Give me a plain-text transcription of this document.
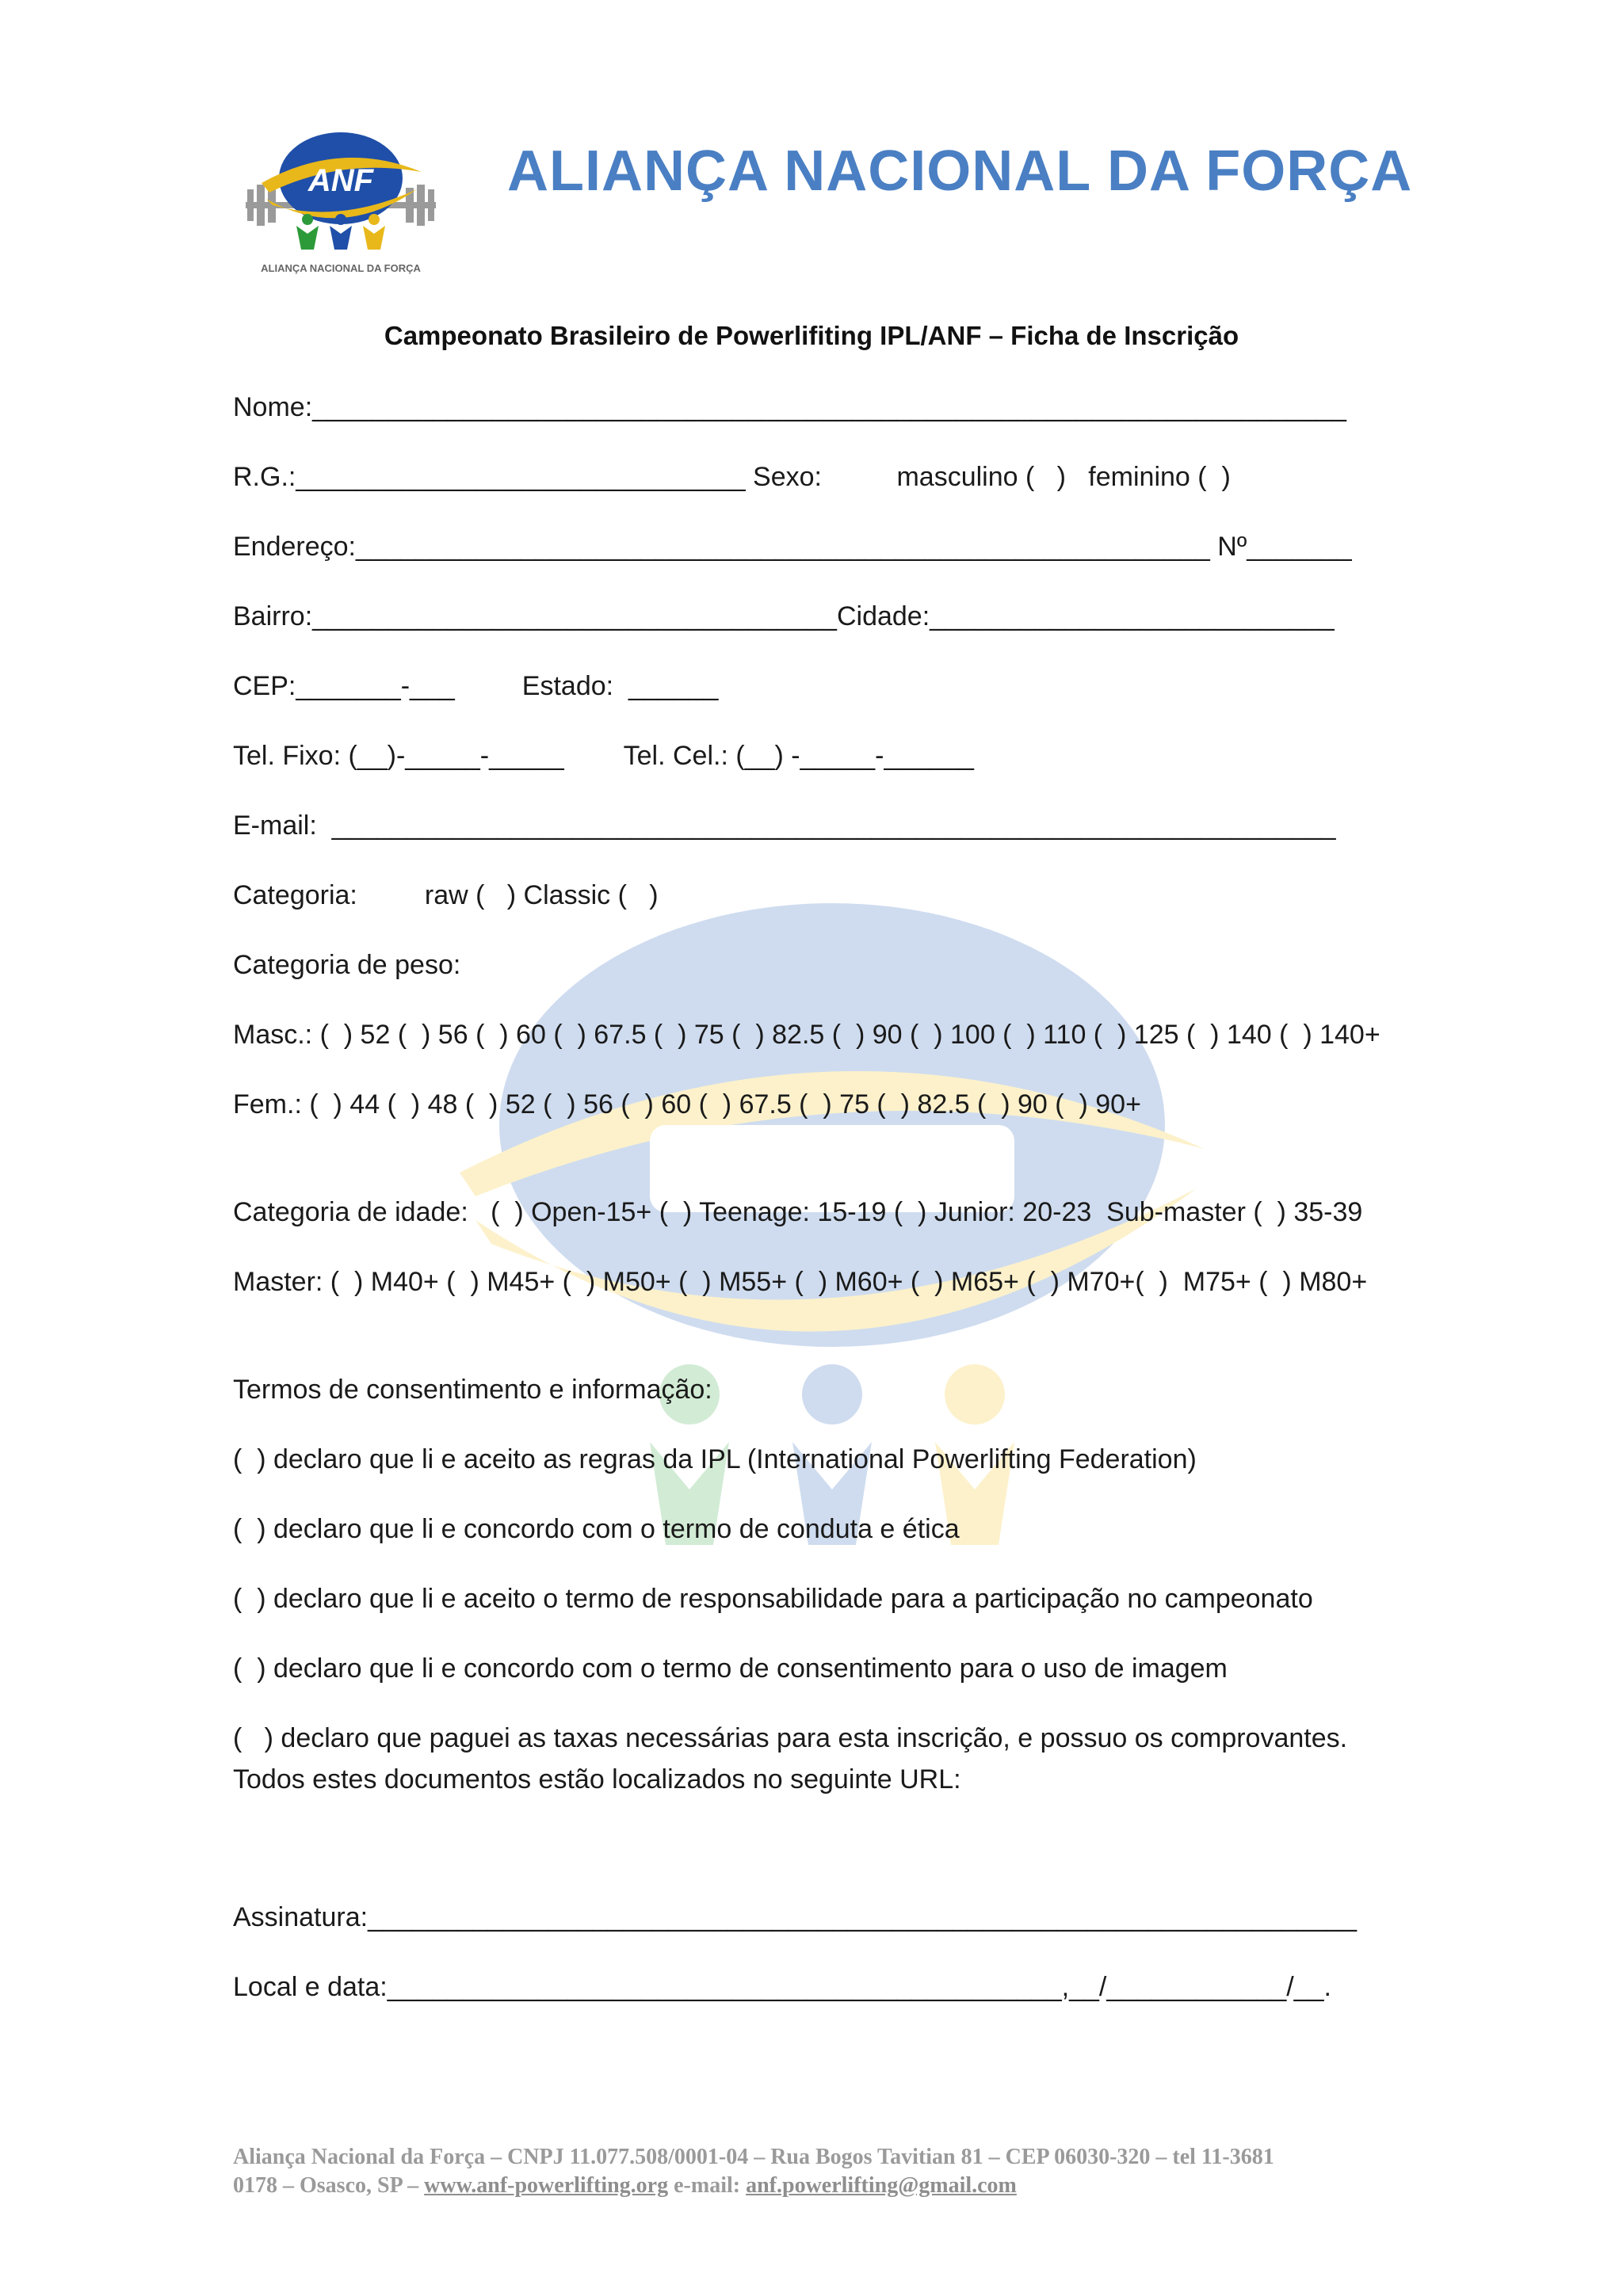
ANF
ALIANÇA NACIONAL DA FORÇA
ALIANÇA NACIONAL DA FORÇA
Campeonato Brasileiro de Powerlifiting IPL/ANF – Ficha de Inscrição
Nome:_____________________________________________________________________
R.G.:______________________________ Sexo:          masculino (   )   feminino (  )
Endereço:_________________________________________________________ Nº_______
Bairro:___________________________________Cidade:___________________________
CEP:_______-___         Estado:  ______
Tel. Fixo: (__)-_____-_____        Tel. Cel.: (__) -_____-______
E-mail:  ___________________________________________________________________
Categoria:         raw (   ) Classic (   )
Categoria de peso:
Masc.: (  ) 52 (  ) 56 (  ) 60 (  ) 67.5 (  ) 75 (  ) 82.5 (  ) 90 (  ) 100 (  ) 110 (  ) 125 (  ) 140 (  ) 140+
Fem.: (  ) 44 (  ) 48 (  ) 52 (  ) 56 (  ) 60 (  ) 67.5 (  ) 75 (  ) 82.5 (  ) 90 (  ) 90+
Categoria de idade:   (  ) Open-15+ (  ) Teenage: 15-19 (  ) Junior: 20-23  Sub-master (  ) 35-39
Master: (  ) M40+ (  ) M45+ (  ) M50+ (  ) M55+ (  ) M60+ (  ) M65+ (  ) M70+(  )  M75+ (  ) M80+
Termos de consentimento e informação:
(  ) declaro que li e aceito as regras da IPL (International Powerlifting Federation)
(  ) declaro que li e concordo com o termo de conduta e ética
(  ) declaro que li e aceito o termo de responsabilidade para a participação no campeonato
(  ) declaro que li e concordo com o termo de consentimento para o uso de imagem
(   ) declaro que paguei as taxas necessárias para esta inscrição, e possuo os comprovantes.
Todos estes documentos estão localizados no seguinte URL:
Assinatura:__________________________________________________________________
Local e data:_____________________________________________,__/____________/__.
Aliança Nacional da Força – CNPJ 11.077.508/0001-04 – Rua Bogos Tavitian 81 – CEP 06030-320 – tel 11-3681
0178 – Osasco, SP – www.anf-powerlifting.org e-mail: anf.powerlifting@gmail.com
